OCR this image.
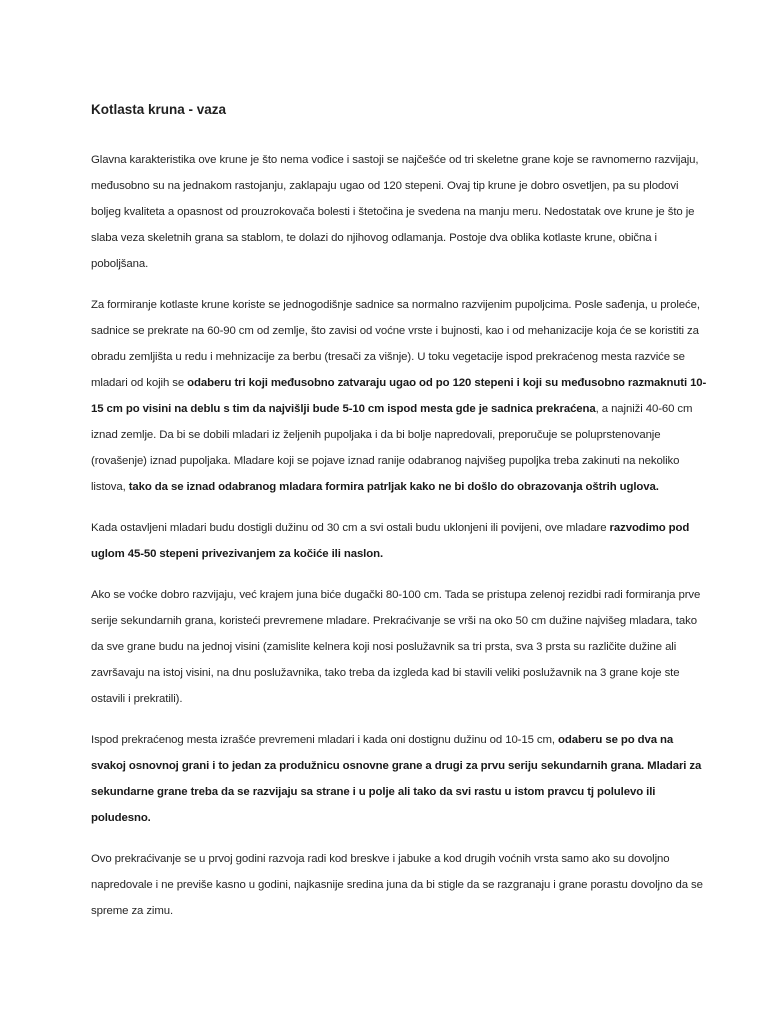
Kotlasta kruna - vaza

Glavna karakteristika ove krune je što nema vođice i sastoji se najčešće od tri skeletne grane koje se ravnomerno razvijaju, međusobno su na jednakom rastojanju, zaklapaju ugao od 120 stepeni. Ovaj tip krune je dobro osvetljen, pa su plodovi boljeg kvaliteta a opasnost od prouzrokovača bolesti i štetočina je svedena na manju meru. Nedostatak ove krune je što je slaba veza skeletnih grana sa stablom, te dolazi do njihovog odlamanja. Postoje dva oblika kotlaste krune, obična i poboljšana.

Za formiranje kotlaste krune koriste se jednogodišnje sadnice sa normalno razvijenim pupoljcima. Posle sađenja, u proleće, sadnice se prekrate na 60-90 cm od zemlje, što zavisi od voćne vrste i bujnosti, kao i od mehanizacije koja će se koristiti za obradu zemljišta u redu i mehnizacije za berbu (tresači za višnje). U toku vegetacije ispod prekraćenog mesta razviće se mladari od kojih se odaberu tri koji međusobno zatvaraju ugao od po 120 stepeni i koji su međusobno razmaknuti 10-15 cm po visini na deblu s tim da najvišlji bude 5-10 cm ispod mesta gde je sadnica prekraćena, a najniži 40-60 cm iznad zemlje. Da bi se dobili mladari iz željenih pupoljaka i da bi bolje napredovali, preporučuje se poluprstenovanje (rovašenje) iznad pupoljaka. Mladare koji se pojave iznad ranije odabranog najvišeg pupoljka treba zakinuti na nekoliko listova, tako da se iznad odabranog mladara formira patrljak kako ne bi došlo do obrazovanja oštrih uglova.

Kada ostavljeni mladari budu dostigli dužinu od 30 cm a svi ostali budu uklonjeni ili povijeni, ove mladare razvodimo pod uglom 45-50 stepeni privezivanjem za kočiće ili naslon.

Ako se voćke dobro razvijaju, već krajem juna biće dugački 80-100 cm. Tada se pristupa zelenoj rezidbi radi formiranja prve serije sekundarnih grana, koristeći prevremene mladare. Prekraćivanje se vrši na oko 50 cm dužine najvišeg mladara, tako da sve grane budu na jednoj visini (zamislite kelnera koji nosi poslužavnik sa tri prsta, sva 3 prsta su različite dužine ali završavaju na istoj visini, na dnu poslužavnika, tako treba da izgleda kad bi stavili veliki poslužavnik na 3 grane koje ste ostavili i prekratili).

Ispod prekraćenog mesta izrašće prevremeni mladari i kada oni dostignu dužinu od 10-15 cm, odaberu se po dva na svakoj osnovnoj grani i to jedan za produžnicu osnovne grane a drugi za prvu seriju sekundarnih grana. Mladari za sekundarne grane treba da se razvijaju sa strane i u polje ali tako da svi rastu u istom pravcu tj polulevo ili poludesno.

Ovo prekraćivanje se u prvoj godini razvoja radi kod breskve i jabuke a kod drugih voćnih vrsta samo ako su dovoljno napredovale i ne previše kasno u godini, najkasnije sredina juna da bi stigle da se razgranaju i grane porastu dovoljno da se spreme za zimu.
